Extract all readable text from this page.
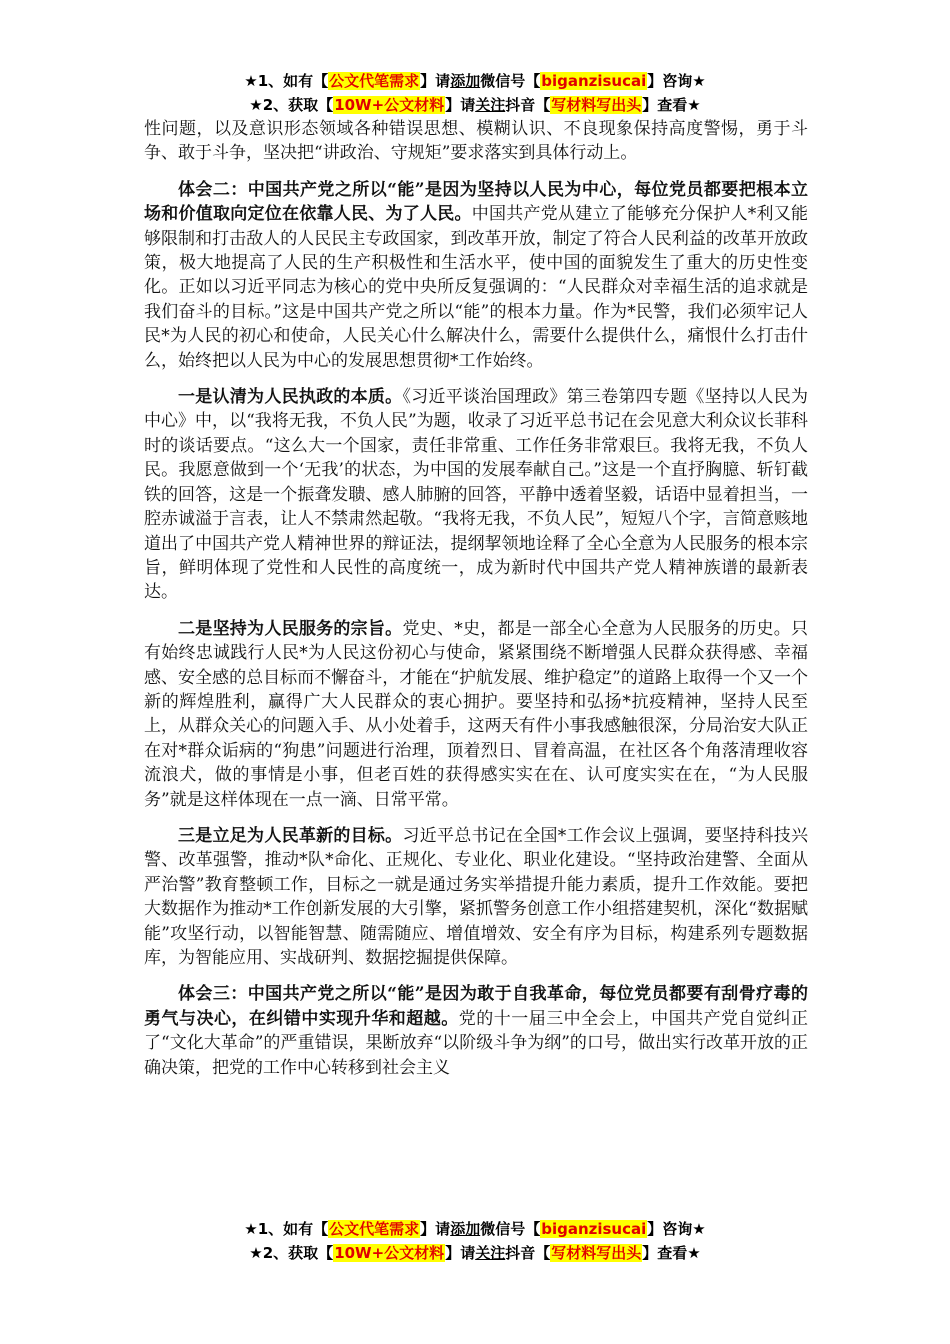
★1、如有【公文代笔需求】请添加微信号【biganzisucai】咨询★
★2、获取【10W+公文材料】请关注抖音【写材料写出头】查看★

性问题，以及意识形态领域各种错误思想、模糊认识、不良现象保持高度警惕，勇于斗争、敢于斗争，坚决把“讲政治、守规矩”要求落实到具体行动上。

体会二：中国共产党之所以“能”是因为坚持以人民为中心，每位党员都要把根本立场和价值取向定位在依靠人民、为了人民。中国共产党从建立了能够充分保护人*利又能够限制和打击敌人的人民民主专政国家，到改革开放，制定了符合人民利益的改革开放政策，极大地提高了人民的生产积极性和生活水平，使中国的面貌发生了重大的历史性变化。正如以习近平同志为核心的党中央所反复强调的：“人民群众对幸福生活的追求就是我们奋斗的目标。”这是中国共产党之所以“能”的根本力量。作为*民警，我们必须牢记人民*为人民的初心和使命，人民关心什么解决什么，需要什么提供什么，痛恨什么打击什么，始终把以人民为中心的发展思想贯彻*工作始终。

一是认清为人民执政的本质。《习近平谈治国理政》第三卷第四专题《坚持以人民为中心》中，以“我将无我，不负人民”为题，收录了习近平总书记在会见意大利众议长菲科时的谈话要点。“这么大一个国家，责任非常重、工作任务非常艰巨。我将无我，不负人民。我愿意做到一个‘无我’的状态，为中国的发展奉献自己。”这是一个直抒胸臆、斩钉截铁的回答，这是一个振聋发聩、感人肺腑的回答，平静中透着坚毅，话语中显着担当，一腔赤诚溢于言表，让人不禁肃然起敬。“我将无我，不负人民”，短短八个字，言简意赅地道出了中国共产党人精神世界的辩证法，提纲挈领地诠释了全心全意为人民服务的根本宗旨，鲜明体现了党性和人民性的高度统一，成为新时代中国共产党人精神族谱的最新表达。

二是坚持为人民服务的宗旨。党史、*史，都是一部全心全意为人民服务的历史。只有始终忠诚践行人民*为人民这份初心与使命，紧紧围绕不断增强人民群众获得感、幸福感、安全感的总目标而不懈奋斗，才能在“护航发展、维护稳定”的道路上取得一个又一个新的辉煌胜利，赢得广大人民群众的衷心拥护。要坚持和弘扬*抗疫精神，坚持人民至上，从群众关心的问题入手、从小处着手，这两天有件小事我感触很深，分局治安大队正在对*群众诟病的“狗患”问题进行治理，顶着烈日、冒着高温，在社区各个角落清理收容流浪犬，做的事情是小事，但老百姓的获得感实实在在、认可度实实在在，“为人民服务”就是这样体现在一点一滴、日常平常。

三是立足为人民革新的目标。习近平总书记在全国*工作会议上强调，要坚持科技兴警、改革强警，推动*队*命化、正规化、专业化、职业化建设。“坚持政治建警、全面从严治警”教育整顿工作，目标之一就是通过务实举措提升能力素质，提升工作效能。要把大数据作为推动*工作创新发展的大引擎，紧抓警务创意工作小组搭建契机，深化“数据赋能”攻坚行动，以智能智慧、随需随应、增值增效、安全有序为目标，构建系列专题数据库，为智能应用、实战研判、数据挖掘提供保障。

体会三：中国共产党之所以“能”是因为敢于自我革命，每位党员都要有刮骨疗毒的勇气与决心，在纠错中实现升华和超越。党的十一届三中全会上，中国共产党自觉纠正了“文化大革命”的严重错误，果断放弃“以阶级斗争为纲”的口号，做出实行改革开放的正确决策，把党的工作中心转移到社会主义

★1、如有【公文代笔需求】请添加微信号【biganzisucai】咨询★
★2、获取【10W+公文材料】请关注抖音【写材料写出头】查看★
